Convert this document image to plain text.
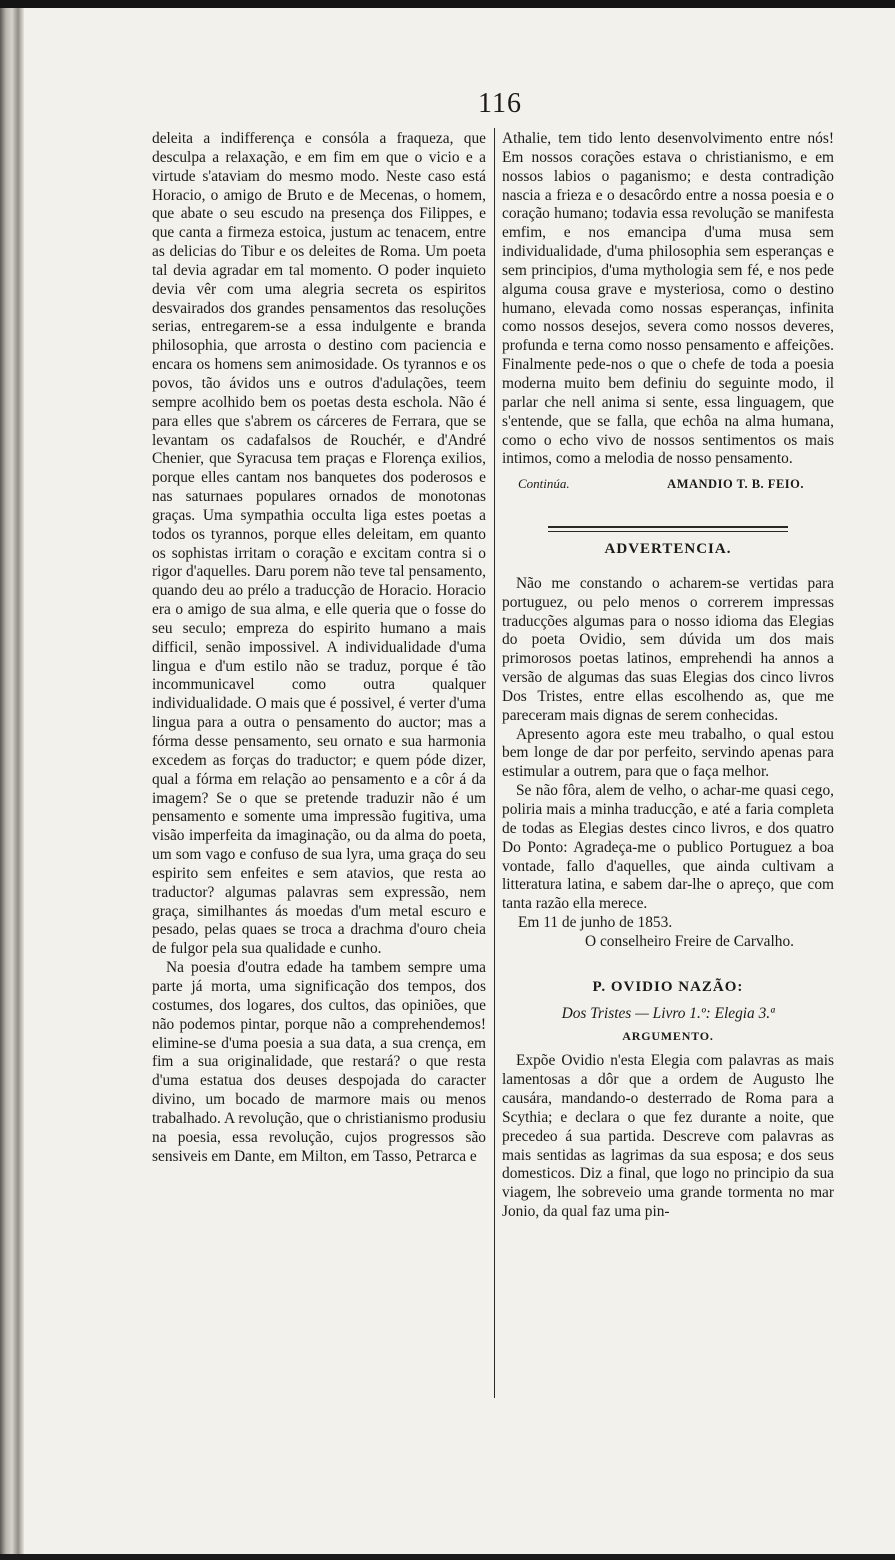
116

deleita a indifferença e consóla a fraqueza, que desculpa a relaxação, e em fim em que o vicio e a virtude s'ataviam do mesmo modo. Neste caso está Horacio, o amigo de Bruto e de Mecenas, o homem, que abate o seu escudo na presença dos Filippes, e que canta a firmeza estoica, justum ac tenacem, entre as delicias do Tibur e os deleites de Roma. Um poeta tal devia agradar em tal momento. O poder inquieto devia vêr com uma alegria secreta os espiritos desvairados dos grandes pensamentos das resoluções serias, entregarem-se a essa indulgente e branda philosophia, que arrosta o destino com paciencia e encara os homens sem animosidade. Os tyrannos e os povos, tão ávidos uns e outros d'adulações, teem sempre acolhido bem os poetas desta eschola. Não é para elles que s'abrem os cárceres de Ferrara, que se levantam os cadafalsos de Rouchér, e d'André Chenier, que Syracusa tem praças e Florença exilios, porque elles cantam nos banquetes dos poderosos e nas saturnaes populares ornados de monotonas graças. Uma sympathia occulta liga estes poetas a todos os tyrannos, porque elles deleitam, em quanto os sophistas irritam o coração e excitam contra si o rigor d'aquelles. Daru porem não teve tal pensamento, quando deu ao prélo a traducção de Horacio. Horacio era o amigo de sua alma, e elle queria que o fosse do seu seculo; empreza do espirito humano a mais difficil, senão impossivel. A individualidade d'uma lingua e d'um estilo não se traduz, porque é tão incommunicavel como outra qualquer individualidade. O mais que é possivel, é verter d'uma lingua para a outra o pensamento do auctor; mas a fórma desse pensamento, seu ornato e sua harmonia excedem as forças do traductor; e quem póde dizer, qual a fórma em relação ao pensamento e a côr á da imagem? Se o que se pretende traduzir não é um pensamento e somente uma impressão fugitiva, uma visão imperfeita da imaginação, ou da alma do poeta, um som vago e confuso de sua lyra, uma graça do seu espirito sem enfeites e sem atavios, que resta ao traductor? algumas palavras sem expressão, nem graça, similhantes ás moedas d'um metal escuro e pesado, pelas quaes se troca a drachma d'ouro cheia de fulgor pela sua qualidade e cunho.

Na poesia d'outra edade ha tambem sempre uma parte já morta, uma significação dos tempos, dos costumes, dos logares, dos cultos, das opiniões, que não podemos pintar, porque não a comprehendemos! elimine-se d'uma poesia a sua data, a sua crença, em fim a sua originalidade, que restará? o que resta d'uma estatua dos deuses despojada do caracter divino, um bocado de marmore mais ou menos trabalhado. A revolução, que o christianismo produsiu na poesia, essa revolução, cujos progressos são sensiveis em Dante, em Milton, em Tasso, Petrarca e

Athalie, tem tido lento desenvolvimento entre nós! Em nossos corações estava o christianismo, e em nossos labios o paganismo; e desta contradição nascia a frieza e o desacôrdo entre a nossa poesia e o coração humano; todavia essa revolução se manifesta emfim, e nos emancipa d'uma musa sem individualidade, d'uma philosophia sem esperanças e sem principios, d'uma mythologia sem fé, e nos pede alguma cousa grave e mysteriosa, como o destino humano, elevada como nossas esperanças, infinita como nossos desejos, severa como nossos deveres, profunda e terna como nosso pensamento e affeições. Finalmente pede-nos o que o chefe de toda a poesia moderna muito bem definiu do seguinte modo, il parlar che nell anima si sente, essa linguagem, que s'entende, que se falla, que echôa na alma humana, como o echo vivo de nossos sentimentos os mais intimos, como a melodia de nosso pensamento.

Continúa.	AMANDIO T. B. FEIO.
ADVERTENCIA.

Não me constando o acharem-se vertidas para portuguez, ou pelo menos o correrem impressas traducções algumas para o nosso idioma das Elegias do poeta Ovidio, sem dúvida um dos mais primorosos poetas latinos, emprehendi ha annos a versão de algumas das suas Elegias dos cinco livros Dos Tristes, entre ellas escolhendo as, que me pareceram mais dignas de serem conhecidas.

Apresento agora este meu trabalho, o qual estou bem longe de dar por perfeito, servindo apenas para estimular a outrem, para que o faça melhor.

Se não fôra, alem de velho, o achar-me quasi cego, poliria mais a minha traducção, e até a faria completa de todas as Elegias destes cinco livros, e dos quatro Do Ponto: Agradeça-me o publico Portuguez a boa vontade, fallo d'aquelles, que ainda cultivam a litteratura latina, e sabem dar-lhe o apreço, que com tanta razão ella merece.

Em 11 de junho de 1853.

O conselheiro Freire de Carvalho.

P. OVIDIO NAZÃO:
Dos Tristes — Livro 1.º: Elegia 3.ª
ARGUMENTO.

Expõe Ovidio n'esta Elegia com palavras as mais lamentosas a dôr que a ordem de Augusto lhe causára, mandando-o desterrado de Roma para a Scythia; e declara o que fez durante a noite, que precedeo á sua partida. Descreve com palavras as mais sentidas as lagrimas da sua esposa; e dos seus domesticos. Diz a final, que logo no principio da sua viagem, lhe sobreveio uma grande tormenta no mar Jonio, da qual faz uma pin-
